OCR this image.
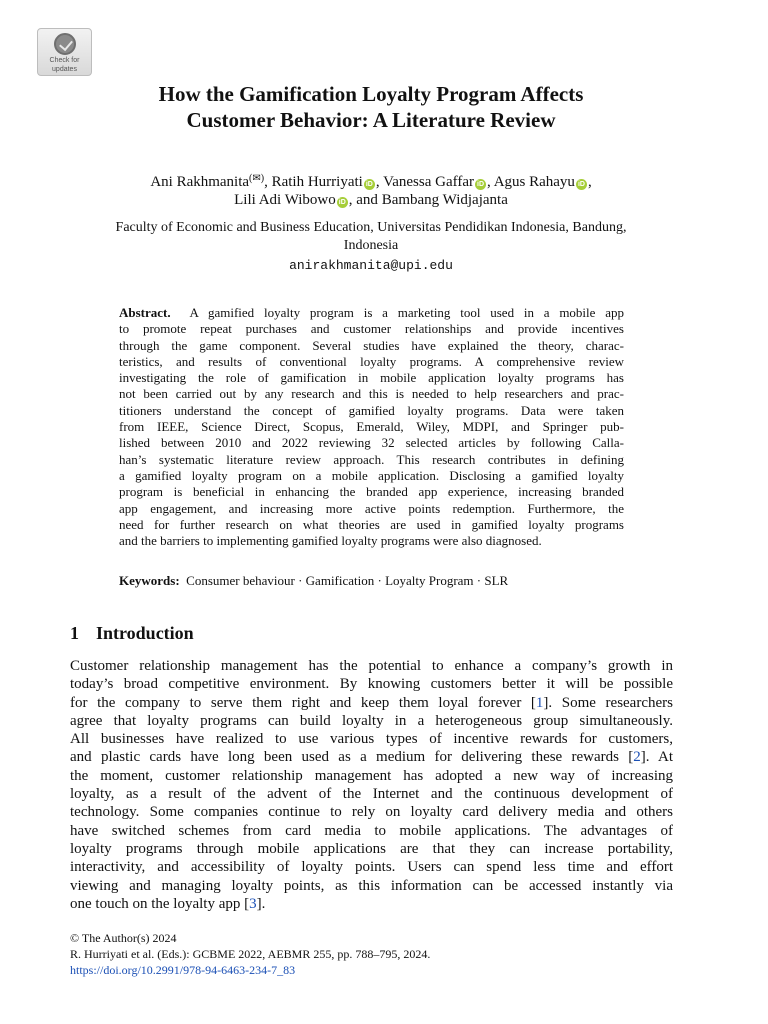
Check for
updates
How the Gamification Loyalty Program Affects
Customer Behavior: A Literature Review
Ani Rakhmanita(✉), Ratih Hurriyati iD , Vanessa Gaffar iD , Agus Rahayu iD ,
Lili Adi Wibowo iD , and Bambang Widjajanta
Faculty of Economic and Business Education, Universitas Pendidikan Indonesia, Bandung,
Indonesia
anirakhmanita@upi.edu
Abstract. A gamified loyalty program is a marketing tool used in a mobile app
to promote repeat purchases and customer relationships and provide incentives
through the game component. Several studies have explained the theory, charac-
teristics, and results of conventional loyalty programs. A comprehensive review
investigating the role of gamification in mobile application loyalty programs has
not been carried out by any research and this is needed to help researchers and prac-
titioners understand the concept of gamified loyalty programs. Data were taken
from IEEE, Science Direct, Scopus, Emerald, Wiley, MDPI, and Springer pub-
lished between 2010 and 2022 reviewing 32 selected articles by following Calla-
han’s systematic literature review approach. This research contributes in defining
a gamified loyalty program on a mobile application. Disclosing a gamified loyalty
program is beneficial in enhancing the branded app experience, increasing branded
app engagement, and increasing more active points redemption. Furthermore, the
need for further research on what theories are used in gamified loyalty programs
and the barriers to implementing gamified loyalty programs were also diagnosed.
Keywords: Consumer behaviour · Gamification · Loyalty Program · SLR
1 Introduction
Customer relationship management has the potential to enhance a company’s growth in
today’s broad competitive environment. By knowing customers better it will be possible
for the company to serve them right and keep them loyal forever [1]. Some researchers
agree that loyalty programs can build loyalty in a heterogeneous group simultaneously.
All businesses have realized to use various types of incentive rewards for customers,
and plastic cards have long been used as a medium for delivering these rewards [2]. At
the moment, customer relationship management has adopted a new way of increasing
loyalty, as a result of the advent of the Internet and the continuous development of
technology. Some companies continue to rely on loyalty card delivery media and others
have switched schemes from card media to mobile applications. The advantages of
loyalty programs through mobile applications are that they can increase portability,
interactivity, and accessibility of loyalty points. Users can spend less time and effort
viewing and managing loyalty points, as this information can be accessed instantly via
one touch on the loyalty app [3].
© The Author(s) 2024
R. Hurriyati et al. (Eds.): GCBME 2022, AEBMR 255, pp. 788–795, 2024.
https://doi.org/10.2991/978-94-6463-234-7_83
